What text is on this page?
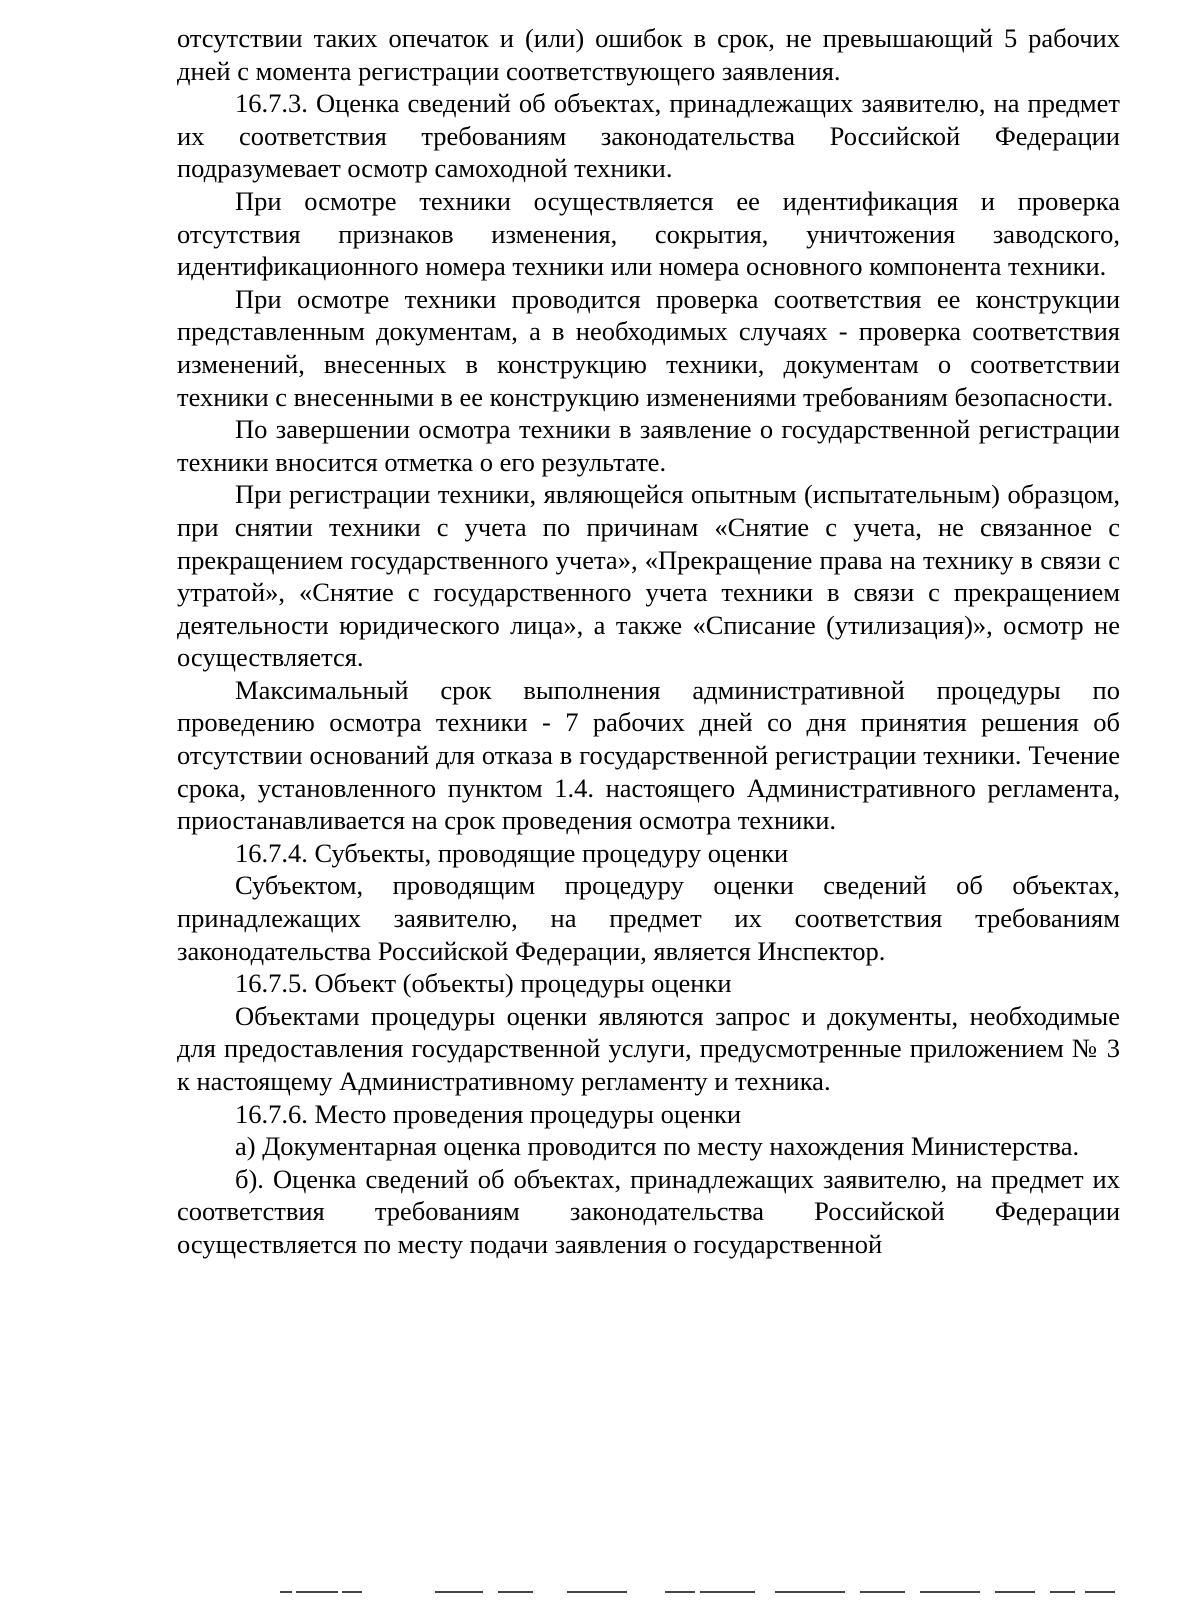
отсутствии таких опечаток и (или) ошибок в срок, не превышающий 5 рабочих дней с момента регистрации соответствующего заявления.

16.7.3. Оценка сведений об объектах, принадлежащих заявителю, на предмет их соответствия требованиям законодательства Российской Федерации подразумевает осмотр самоходной техники.

При осмотре техники осуществляется ее идентификация и проверка отсутствия признаков изменения, сокрытия, уничтожения заводского, идентификационного номера техники или номера основного компонента техники.

При осмотре техники проводится проверка соответствия ее конструкции представленным документам, а в необходимых случаях - проверка соответствия изменений, внесенных в конструкцию техники, документам о соответствии техники с внесенными в ее конструкцию изменениями требованиям безопасности.

По завершении осмотра техники в заявление о государственной регистрации техники вносится отметка о его результате.

При регистрации техники, являющейся опытным (испытательным) образцом, при снятии техники с учета по причинам «Снятие с учета, не связанное с прекращением государственного учета», «Прекращение права на технику в связи с утратой», «Снятие с государственного учета техники в связи с прекращением деятельности юридического лица», а также «Списание (утилизация)», осмотр не осуществляется.

Максимальный срок выполнения административной процедуры по проведению осмотра техники - 7 рабочих дней со дня принятия решения об отсутствии оснований для отказа в государственной регистрации техники. Течение срока, установленного пунктом 1.4. настоящего Административного регламента, приостанавливается на срок проведения осмотра техники.

16.7.4. Субъекты, проводящие процедуру оценки

Субъектом, проводящим процедуру оценки сведений об объектах, принадлежащих заявителю, на предмет их соответствия требованиям законодательства Российской Федерации, является Инспектор.

16.7.5. Объект (объекты) процедуры оценки

Объектами процедуры оценки являются запрос и документы, необходимые для предоставления государственной услуги, предусмотренные приложением № 3 к настоящему Административному регламенту и техника.

16.7.6. Место проведения процедуры оценки

а) Документарная оценка проводится по месту нахождения Министерства.

б). Оценка сведений об объектах, принадлежащих заявителю, на предмет их соответствия требованиям законодательства Российской Федерации осуществляется по месту подачи заявления о государственной
